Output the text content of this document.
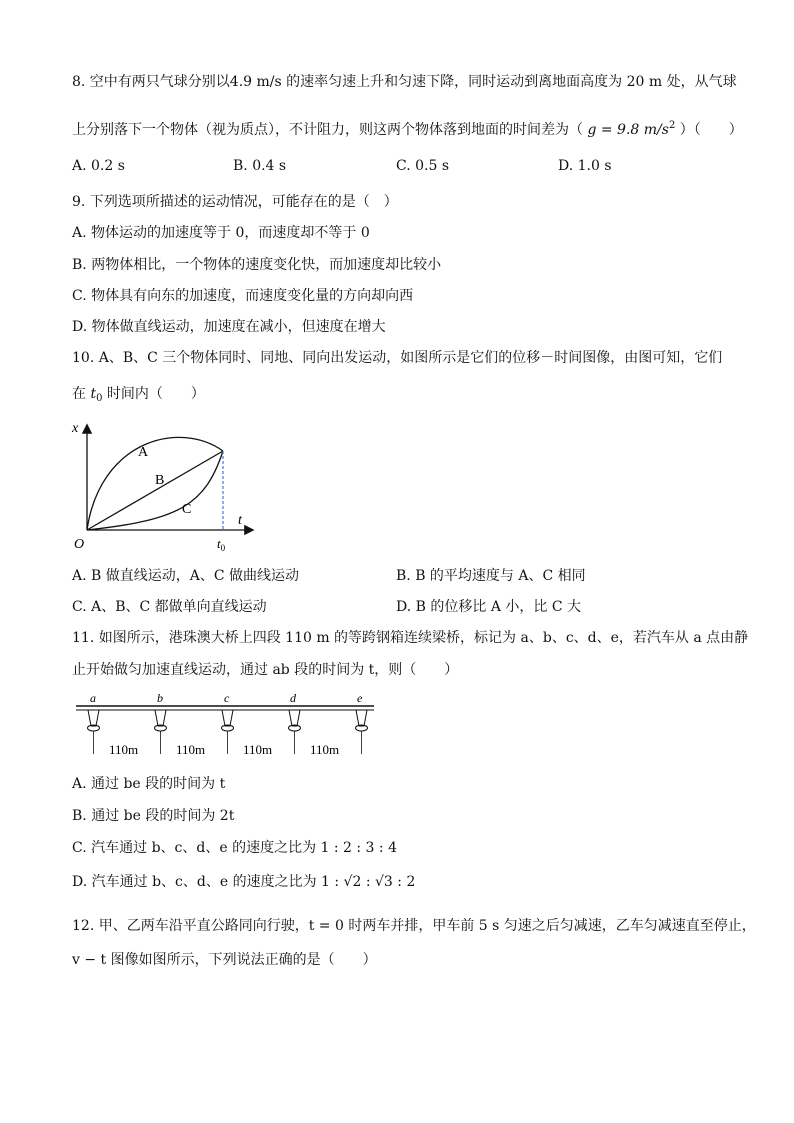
8. 空中有两只气球分别以4.9 m/s 的速率匀速上升和匀速下降，同时运动到离地面高度为 20 m 处，从气球
上分别落下一个物体（视为质点），不计阻力，则这两个物体落到地面的时间差为（ g = 9.8 $m/s^2$ ）（　　）
A. 0.2 s	B. 0.4 s	C. 0.5 s	D. 1.0 s
9. 下列选项所描述的运动情况，可能存在的是（　）
A. 物体运动的加速度等于 0，而速度却不等于 0
B. 两物体相比，一个物体的速度变化快，而加速度却比较小
C. 物体具有向东的加速度，而速度变化量的方向却向西
D. 物体做直线运动，加速度在减小，但速度在增大
10. A、B、C 三个物体同时、同地、同向出发运动，如图所示是它们的位移－时间图像，由图可知，它们
在 $t_0$ 时间内（　　）
x
t
O	$t_0$
A
B
C
A. B 做直线运动，A、C 做曲线运动	B. B 的平均速度与 A、C 相同
C. A、B、C 都做单向直线运动	D. B 的位移比 A 小，比 C 大
11. 如图所示，港珠澳大桥上四段 110 m 的等跨钢箱连续梁桥，标记为 a、b、c、d、e，若汽车从 a 点由静
止开始做匀加速直线运动，通过 ab 段的时间为 t，则（　　）
a	b	c	d	e
110m	110m	110m	110m
A. 通过 be 段的时间为 t
B. 通过 be 段的时间为 2t
C. 汽车通过 b、c、d、e 的速度之比为 1 : 2 : 3 : 4
D. 汽车通过 b、c、d、e 的速度之比为 1 : √2 : √3 : 2
12. 甲、乙两车沿平直公路同向行驶，t = 0 时两车并排，甲车前 5 s 匀速之后匀减速，乙车匀减速直至停止，
v − t 图像如图所示，下列说法正确的是（　　）
